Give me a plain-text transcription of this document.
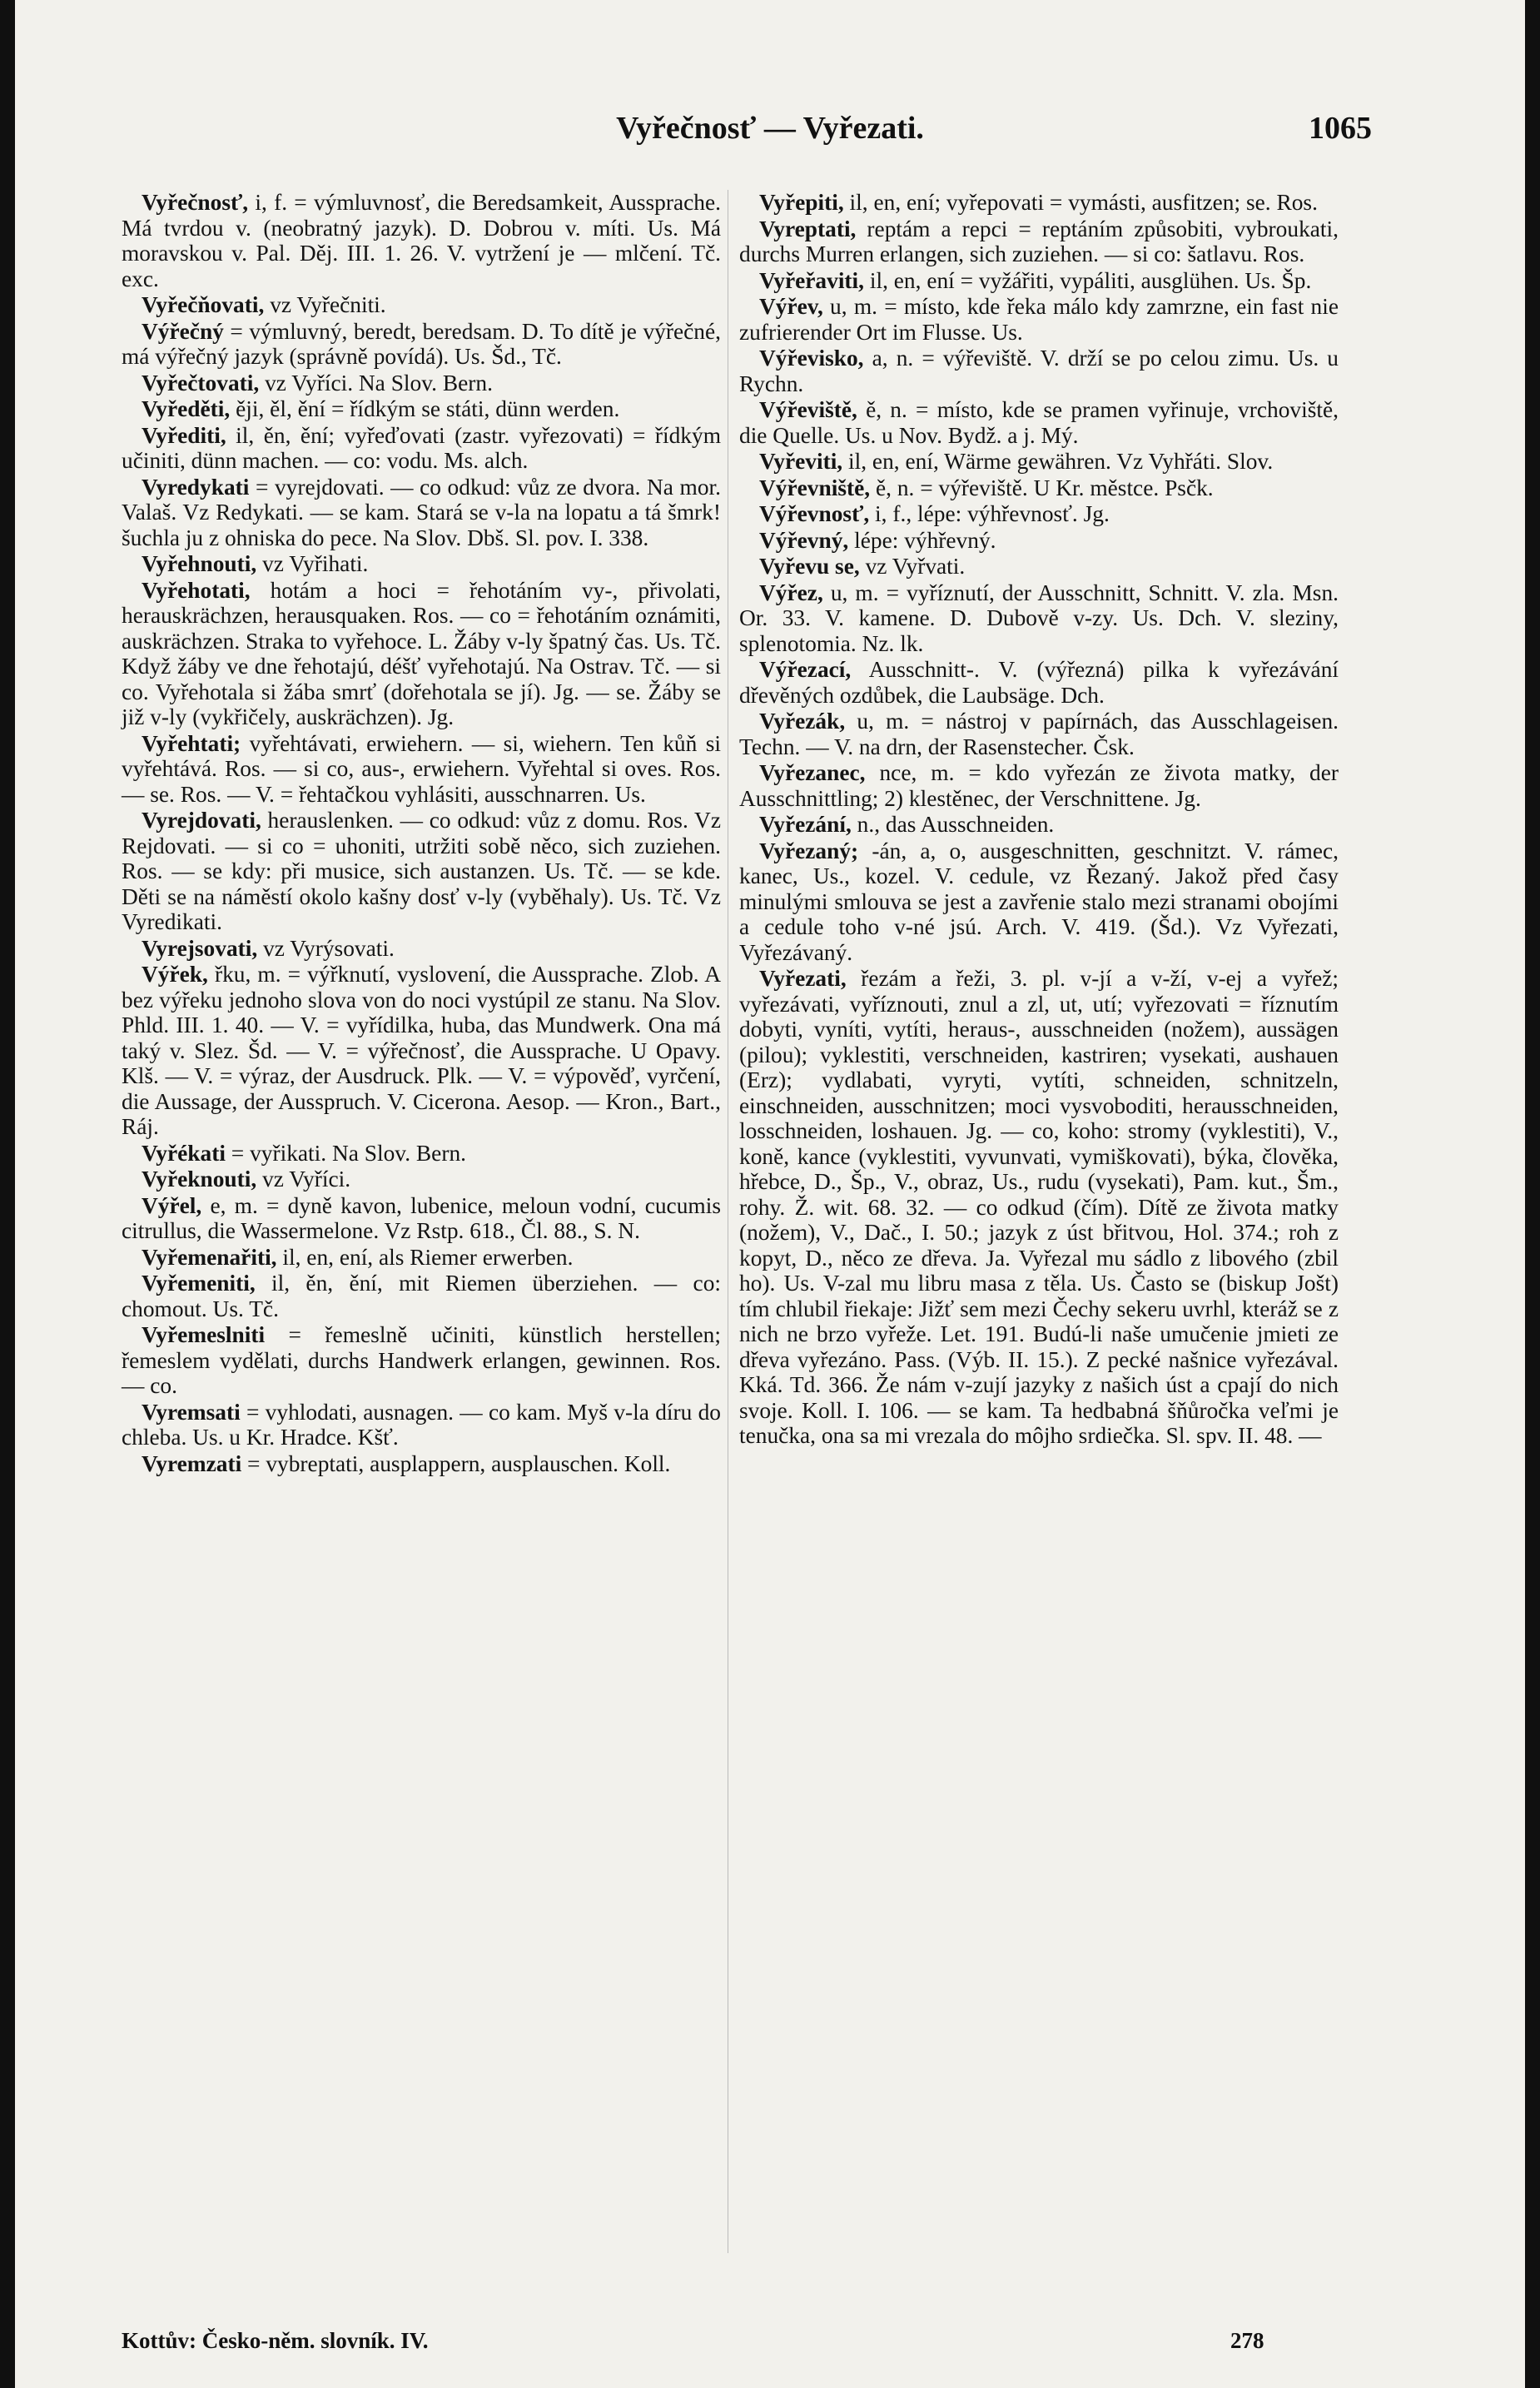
Vyřečnosť — Vyřezati.	1065

Vyřečnosť, i, f. = výmluvnosť, die Beredsamkeit, Aussprache. Má tvrdou v. (neobratný jazyk). D. Dobrou v. míti. Us. Má moravskou v. Pal. Děj. III. 1. 26. V. vytržení je — mlčení. Tč. exc.

Vyřečňovati, vz Vyřečniti.

Výřečný = výmluvný, beredt, beredsam. D. To dítě je výřečné, má výřečný jazyk (správně povídá). Us. Šd., Tč.

Vyřečtovati, vz Vyříci. Na Slov. Bern.

Vyředěti, ěji, ěl, ění = řídkým se státi, dünn werden.

Vyřediti, il, ěn, ění; vyřeďovati (zastr. vyřezovati) = řídkým učiniti, dünn machen. — co: vodu. Ms. alch.

Vyredykati = vyrejdovati. — co odkud: vůz ze dvora. Na mor. Valaš. Vz Redykati. — se kam. Stará se v-la na lopatu a tá šmrk! šuchla ju z ohniska do pece. Na Slov. Dbš. Sl. pov. I. 338.

Vyřehnouti, vz Vyřihati.

Vyřehotati, hotám a hoci = řehotáním vy-, přivolati, herauskrächzen, herausquaken. Ros. — co = řehotáním oznámiti, auskrächzen. Straka to vyřehoce. L. Žáby v-ly špatný čas. Us. Tč. Když žáby ve dne řehotajú, déšť vyřehotajú. Na Ostrav. Tč. — si co. Vyřehotala si žába smrť (dořehotala se jí). Jg. — se. Žáby se již v-ly (vykřičely, auskrächzen). Jg.

Vyřehtati; vyřehtávati, erwiehern. — si, wiehern. Ten kůň si vyřehtává. Ros. — si co, aus-, erwiehern. Vyřehtal si oves. Ros. — se. Ros. — V. = řehtačkou vyhlásiti, ausschnarren. Us.

Vyrejdovati, herauslenken. — co odkud: vůz z domu. Ros. Vz Rejdovati. — si co = uhoniti, utržiti sobě něco, sich zuziehen. Ros. — se kdy: při musice, sich austanzen. Us. Tč. — se kde. Děti se na náměstí okolo kašny dosť v-ly (vyběhaly). Us. Tč. Vz Vyredikati.

Vyrejsovati, vz Vyrýsovati.

Výřek, řku, m. = výřknutí, vyslovení, die Aussprache. Zlob. A bez výřeku jednoho slova von do noci vystúpil ze stanu. Na Slov. Phld. III. 1. 40. — V. = vyřídilka, huba, das Mundwerk. Ona má taký v. Slez. Šd. — V. = výřečnosť, die Aussprache. U Opavy. Klš. — V. = výraz, der Ausdruck. Plk. — V. = výpověď, vyrčení, die Aussage, der Ausspruch. V. Cicerona. Aesop. — Kron., Bart., Ráj.

Vyřékati = vyřikati. Na Slov. Bern.

Vyřeknouti, vz Vyříci.

Výřel, e, m. = dyně kavon, lubenice, meloun vodní, cucumis citrullus, die Wassermelone. Vz Rstp. 618., Čl. 88., S. N.

Vyřemenařiti, il, en, ení, als Riemer erwerben.

Vyřemeniti, il, ěn, ění, mit Riemen überziehen. — co: chomout. Us. Tč.

Vyřemeslniti = řemeslně učiniti, künstlich herstellen; řemeslem vydělati, durchs Handwerk erlangen, gewinnen. Ros. — co.

Vyremsati = vyhlodati, ausnagen. — co kam. Myš v-la díru do chleba. Us. u Kr. Hradce. Kšť.

Vyremzati = vybreptati, ausplappern, ausplauschen. Koll.

Vyřepiti, il, en, ení; vyřepovati = vymásti, ausfitzen; se. Ros.

Vyreptati, reptám a repci = reptáním způsobiti, vybroukati, durchs Murren erlangen, sich zuziehen. — si co: šatlavu. Ros.

Vyřeřaviti, il, en, ení = vyžářiti, vypáliti, ausglühen. Us. Šp.

Výřev, u, m. = místo, kde řeka málo kdy zamrzne, ein fast nie zufrierender Ort im Flusse. Us.

Výřevisko, a, n. = výřeviště. V. drží se po celou zimu. Us. u Rychn.

Výřeviště, ě, n. = místo, kde se pramen vyřinuje, vrchoviště, die Quelle. Us. u Nov. Bydž. a j. Mý.

Vyřeviti, il, en, ení, Wärme gewähren. Vz Vyhřáti. Slov.

Výřevniště, ě, n. = výřeviště. U Kr. městce. Psčk.

Výřevnosť, i, f., lépe: výhřevnosť. Jg.

Výřevný, lépe: výhřevný.

Vyřevu se, vz Vyřvati.

Výřez, u, m. = vyříznutí, der Ausschnitt, Schnitt. V. zla. Msn. Or. 33. V. kamene. D. Dubově v-zy. Us. Dch. V. sleziny, splenotomia. Nz. lk.

Výřezací, Ausschnitt-. V. (výřezná) pilka k vyřezávání dřevěných ozdůbek, die Laubsäge. Dch.

Vyřezák, u, m. = nástroj v papírnách, das Ausschlageisen. Techn. — V. na drn, der Rasenstecher. Čsk.

Vyřezanec, nce, m. = kdo vyřezán ze života matky, der Ausschnittling; 2) klestěnec, der Verschnittene. Jg.

Vyřezání, n., das Ausschneiden.

Vyřezaný; -án, a, o, ausgeschnitten, geschnitzt. V. rámec, kanec, Us., kozel. V. cedule, vz Řezaný. Jakož před časy minulými smlouva se jest a zavřenie stalo mezi stranami obojími a cedule toho v-né jsú. Arch. V. 419. (Šd.). Vz Vyřezati, Vyřezávaný.

Vyřezati, řezám a řeži, 3. pl. v-jí a v-ží, v-ej a vyřež; vyřezávati, vyříznouti, znul a zl, ut, utí; vyřezovati = říznutím dobyti, vyníti, vytíti, heraus-, ausschneiden (nožem), aussägen (pilou); vyklestiti, verschneiden, kastriren; vysekati, aushauen (Erz); vydlabati, vyryti, vytíti, schneiden, schnitzeln, einschneiden, ausschnitzen; moci vysvoboditi, herausschneiden, losschneiden, loshauen. Jg. — co, koho: stromy (vyklestiti), V., koně, kance (vyklestiti, vyvunvati, vymiškovati), býka, člověka, hřebce, D., Šp., V., obraz, Us., rudu (vysekati), Pam. kut., Šm., rohy. Ž. wit. 68. 32. — co odkud (čím). Dítě ze života matky (nožem), V., Dač., I. 50.; jazyk z úst břitvou, Hol. 374.; roh z kopyt, D., něco ze dřeva. Ja. Vyřezal mu sádlo z libového (zbil ho). Us. V-zal mu libru masa z těla. Us. Často se (biskup Jošt) tím chlubil řiekaje: Jižť sem mezi Čechy sekeru uvrhl, kteráž se z nich ne brzo vyřeže. Let. 191. Budú-li naše umučenie jmieti ze dřeva vyřezáno. Pass. (Výb. II. 15.). Z pecké našnice vyřezával. Kká. Td. 366. Že nám v-zují jazyky z našich úst a cpají do nich svoje. Koll. I. 106. — se kam. Ta hedbabná šňůročka veľmi je tenučka, ona sa mi vrezala do môjho srdiečka. Sl. spv. II. 48. —

Kottův: Česko-něm. slovník. IV.	278
